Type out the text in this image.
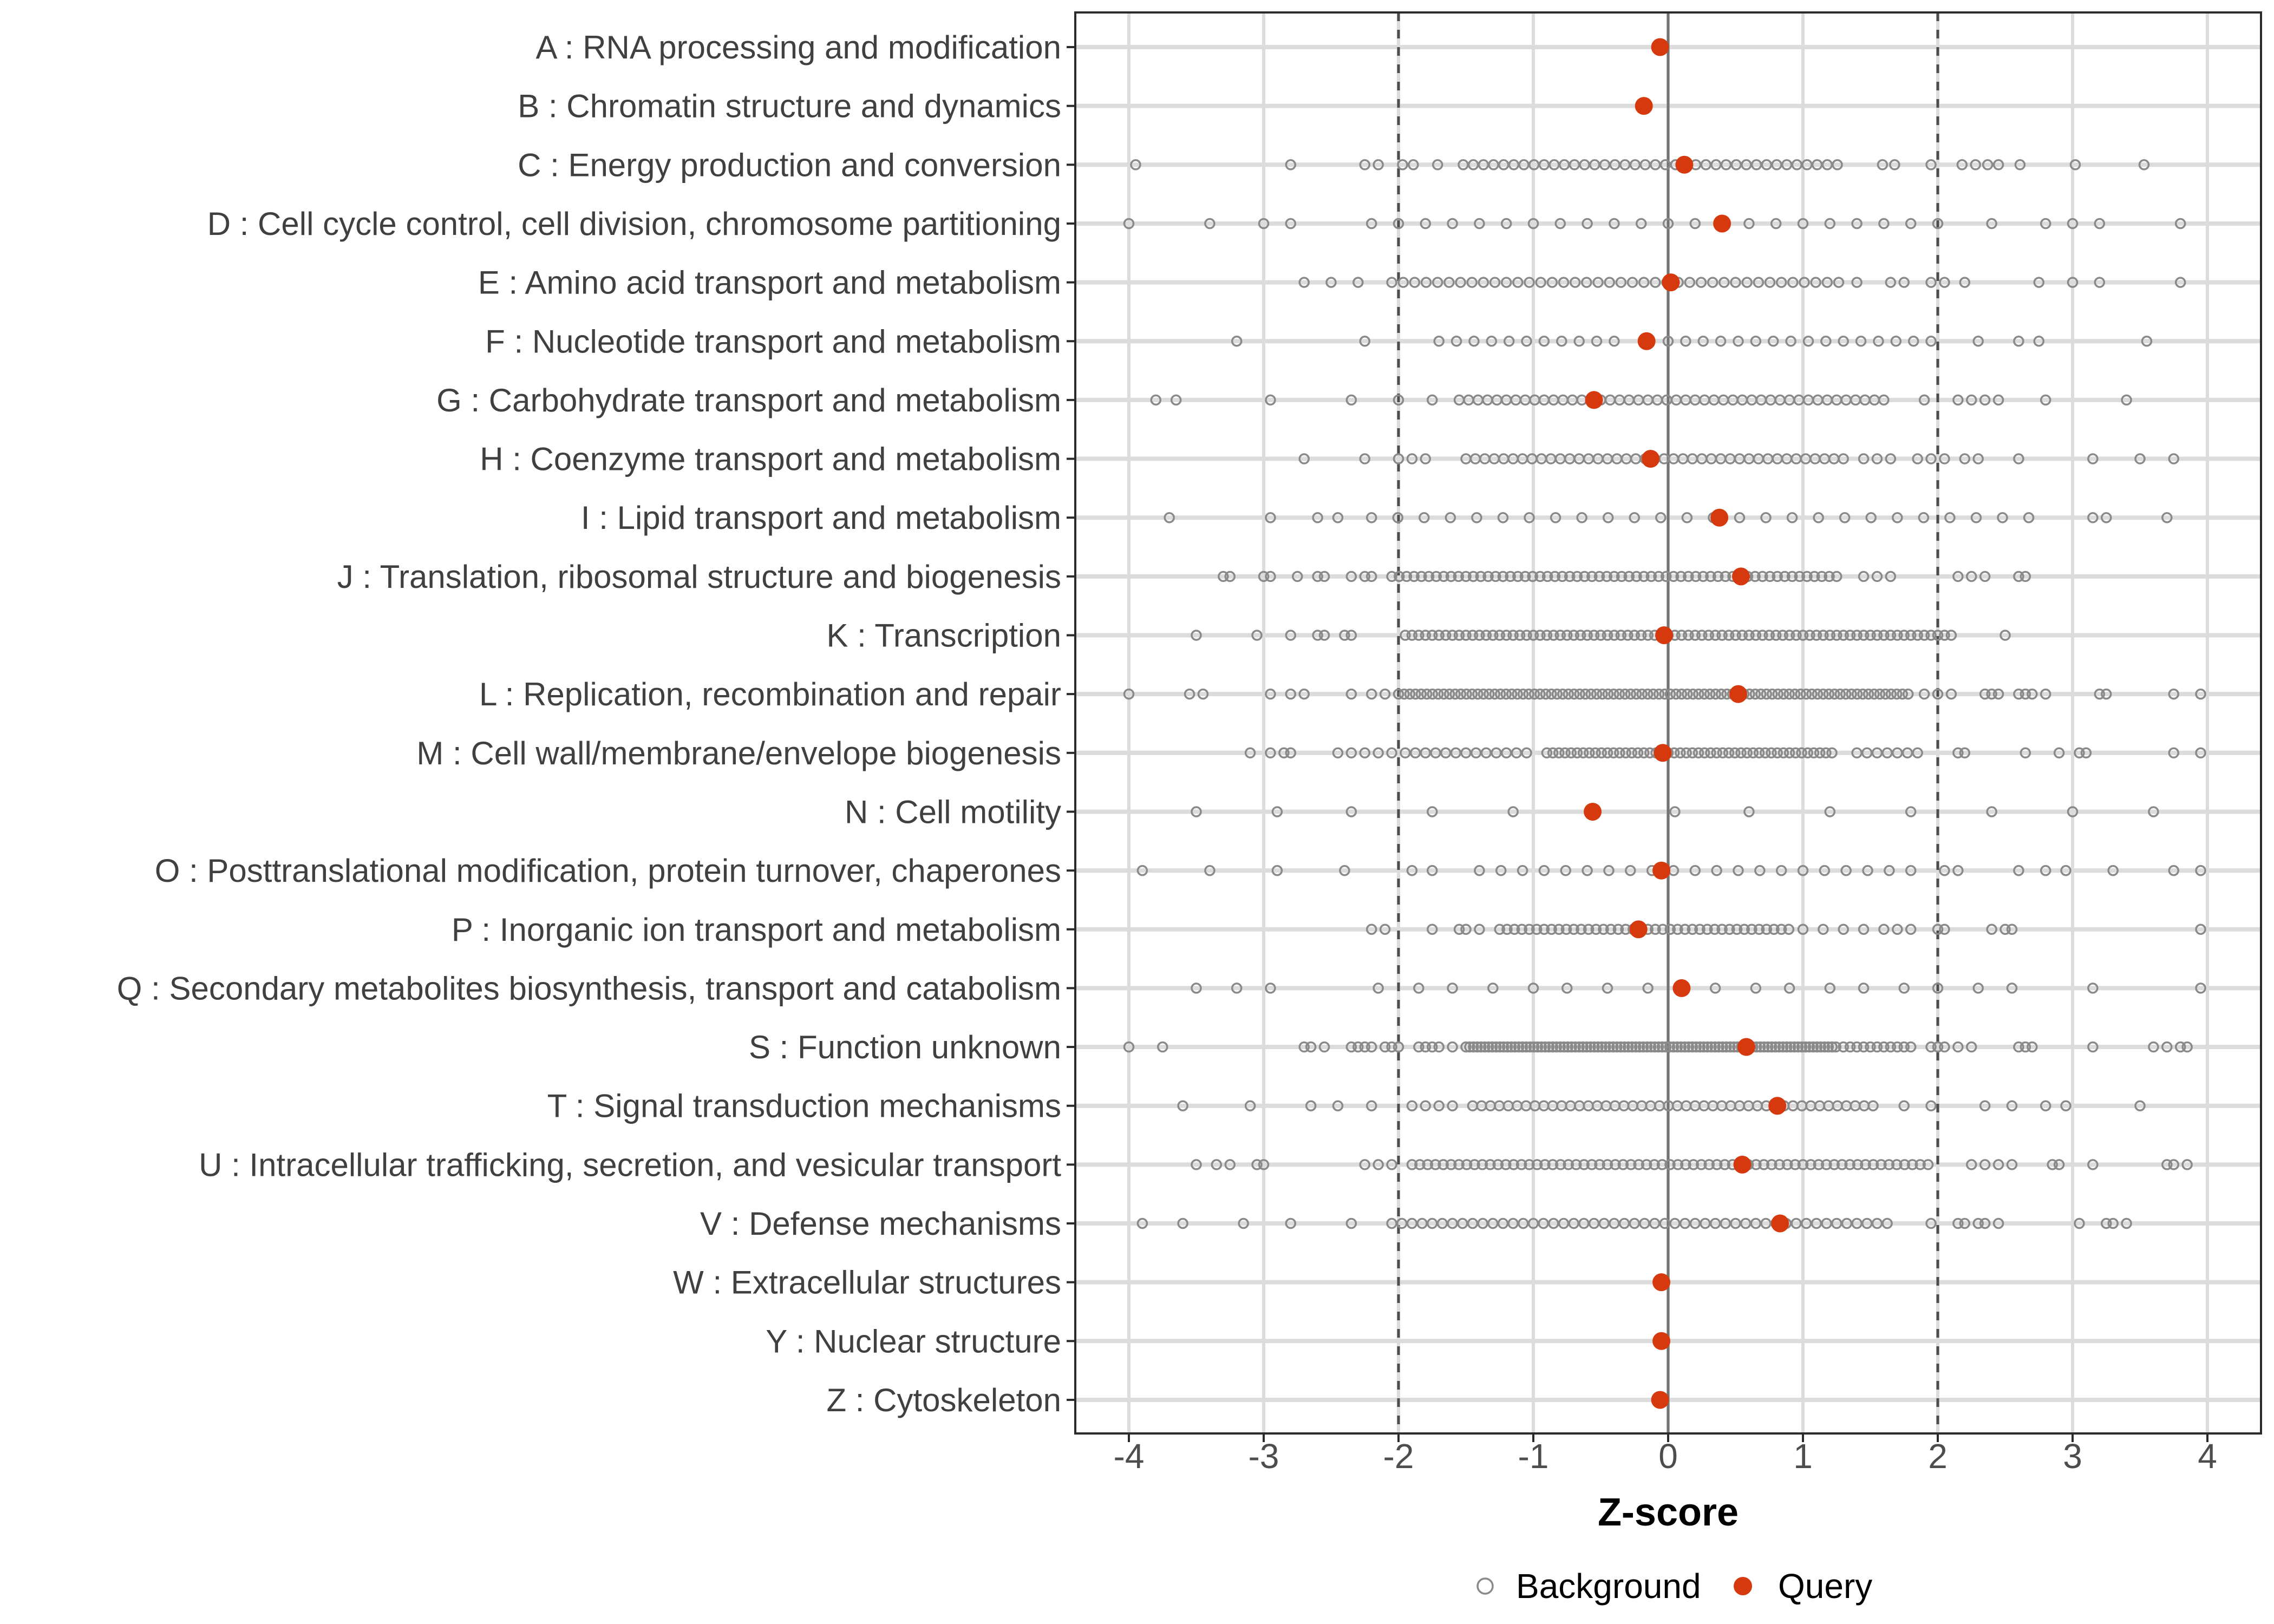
A : RNA processing and modification
B : Chromatin structure and dynamics
C : Energy production and conversion
D : Cell cycle control, cell division, chromosome partitioning
E : Amino acid transport and metabolism
F : Nucleotide transport and metabolism
G : Carbohydrate transport and metabolism
H : Coenzyme transport and metabolism
I : Lipid transport and metabolism
J : Translation, ribosomal structure and biogenesis
K : Transcription
L : Replication, recombination and repair
M : Cell wall/membrane/envelope biogenesis
N : Cell motility
O : Posttranslational modification, protein turnover, chaperones
P : Inorganic ion transport and metabolism
Q : Secondary metabolites biosynthesis, transport and catabolism
S : Function unknown
T : Signal transduction mechanisms
U : Intracellular trafficking, secretion, and vesicular transport
V : Defense mechanisms
W : Extracellular structures
Y : Nuclear structure
Z : Cytoskeleton
-4	-3	-2	-1	0	1	2	3	4
Z-score
Background Query
